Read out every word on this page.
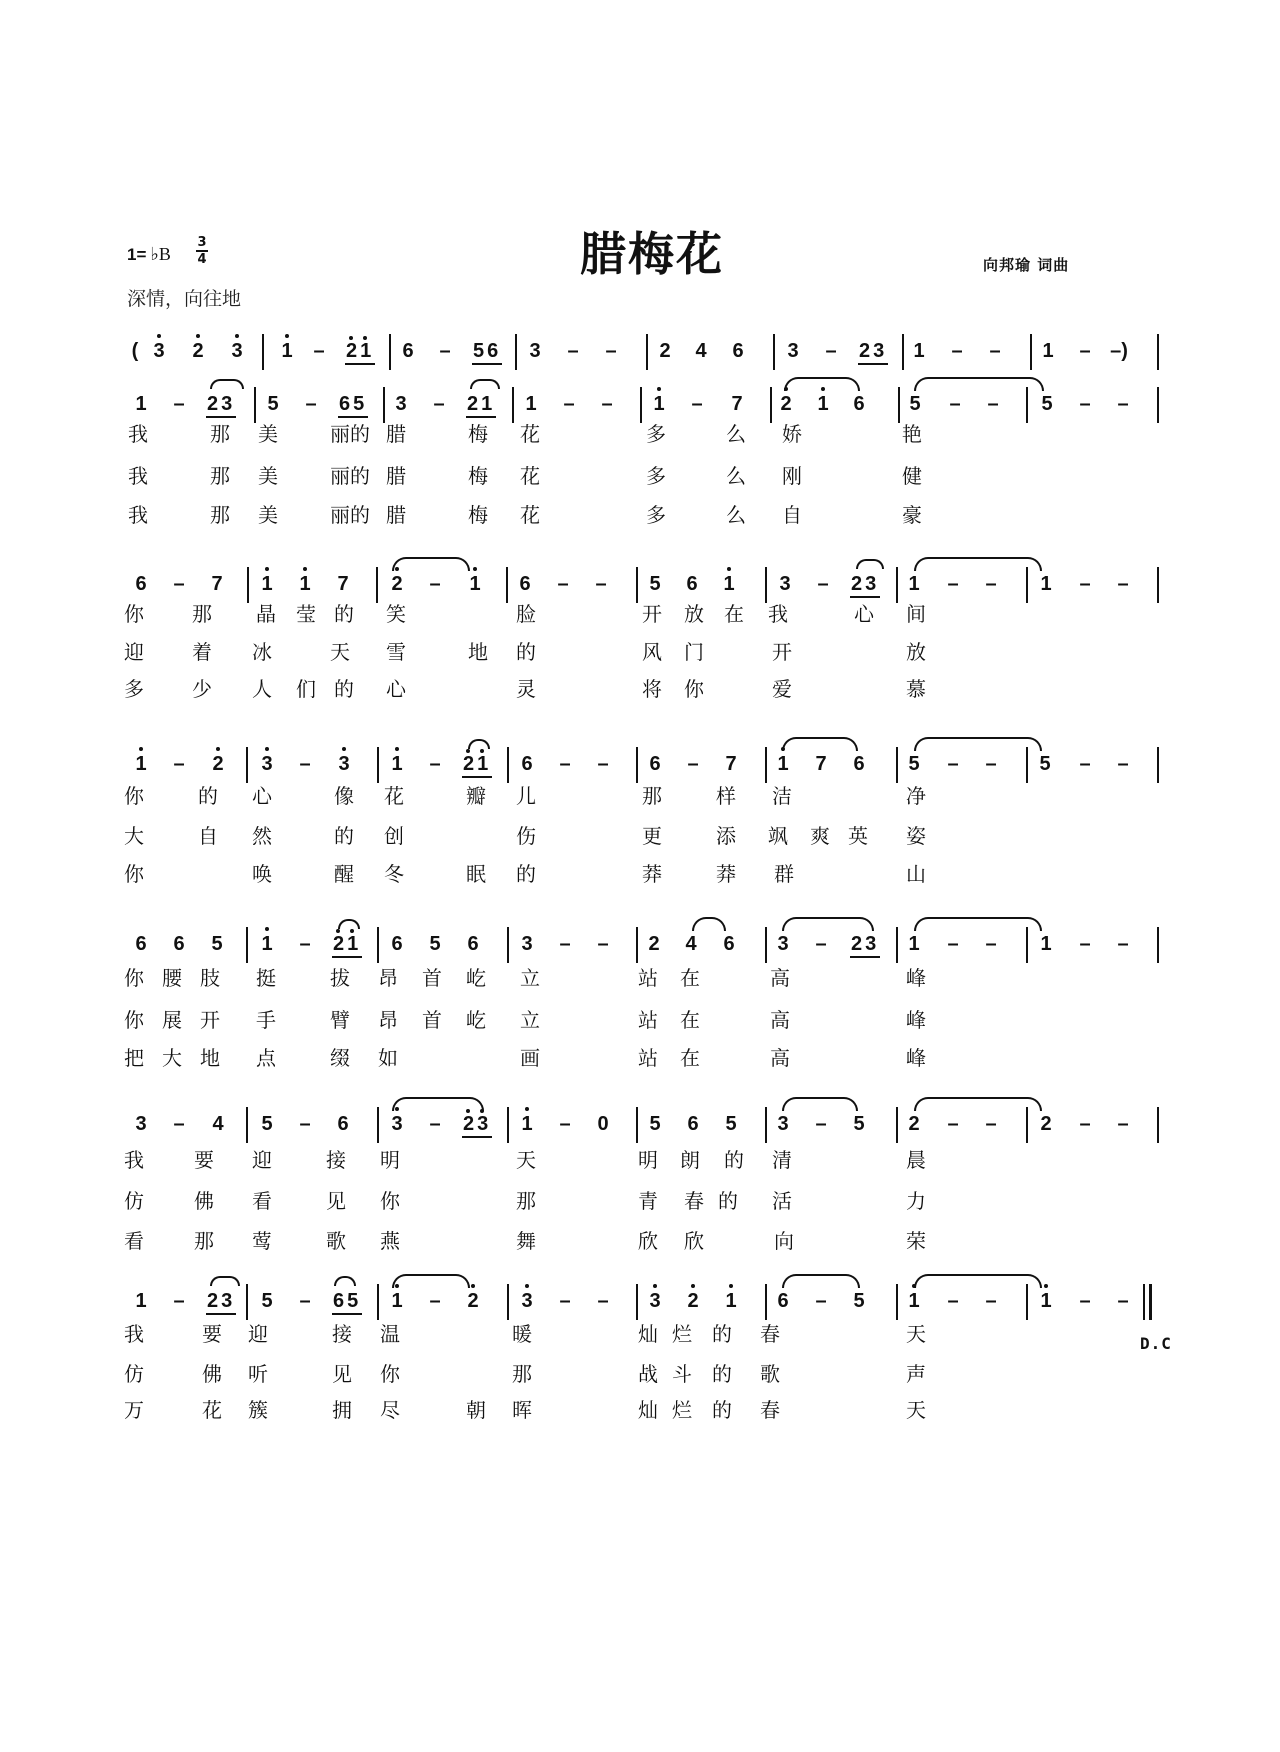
腊梅花
1= ♭B
3
4
深情，向往地
向邦瑜 词曲
( 3	2	3	1	–	21	6	–	56	3	–	–	2	4	6	3	–	23	1	–	–	1	– –)
1	–	23	5	–	65	3	–	21	1	–	–	1	–	7	2	1	6	5	–	–	5	–	–
6	–	7	1	1	7	2	–	1	6	–	–	5	6	1	3	–	23	1	–	–	1	–	–
1	–	2	3	–	3	1	–	21	6	–	–	6	–	7	1	7	6	5	–	–	5	–	–
6	6	5	1	–	21	6	5	6	3	–	–	2	4	6	3	–	23	1	–	–	1	–	–
3	–	4	5	–	6	3	–	23	1	–	0	5	6	5	3	–	5	2	–	–	2	–	–
1	–	23	5	–	65	1	–	2	3	–	–	3	2	1	6	–	5	1	–	–	1	–	–
我	那 美	丽的 腊	梅 花	多	么 娇	艳
我	那 美	丽的 腊	梅 花	多	么 刚	健
我	那 美	丽的 腊	梅 花	多	么 自	豪
你 那 晶 莹 的 笑	脸	开 放 在 我	心 间
迎 着 冰	天 雪	地 的	风 门	开	放
多 少 人 们 的 心	灵	将 你	爱	慕
你	的 心	像 花	瓣 儿	那	样 洁	净
大	自 然	的 创	伤	更	添 飒 爽 英 姿
你	唤	醒 冬	眠 的	莽	莽 群	山
你 腰 肢 挺	拔 昂 首 屹 立	站 在	高	峰
你 展 开 手	臂 昂 首 屹 立	站 在	高	峰
把 大 地 点	缀 如	画	站 在	高	峰
我	要 迎	接 明	天	明 朗 的 清	晨
仿	佛 看	见 你	那	青 春 的 活	力
看	那 莺	歌 燕	舞	欣 欣	向	荣
我	要 迎	接 温	暖	灿 烂 的 春	天
仿	佛 听	见 你	那	战 斗 的 歌	声
万	花 簇	拥 尽	朝 晖	灿 烂 的 春	天
D.C
